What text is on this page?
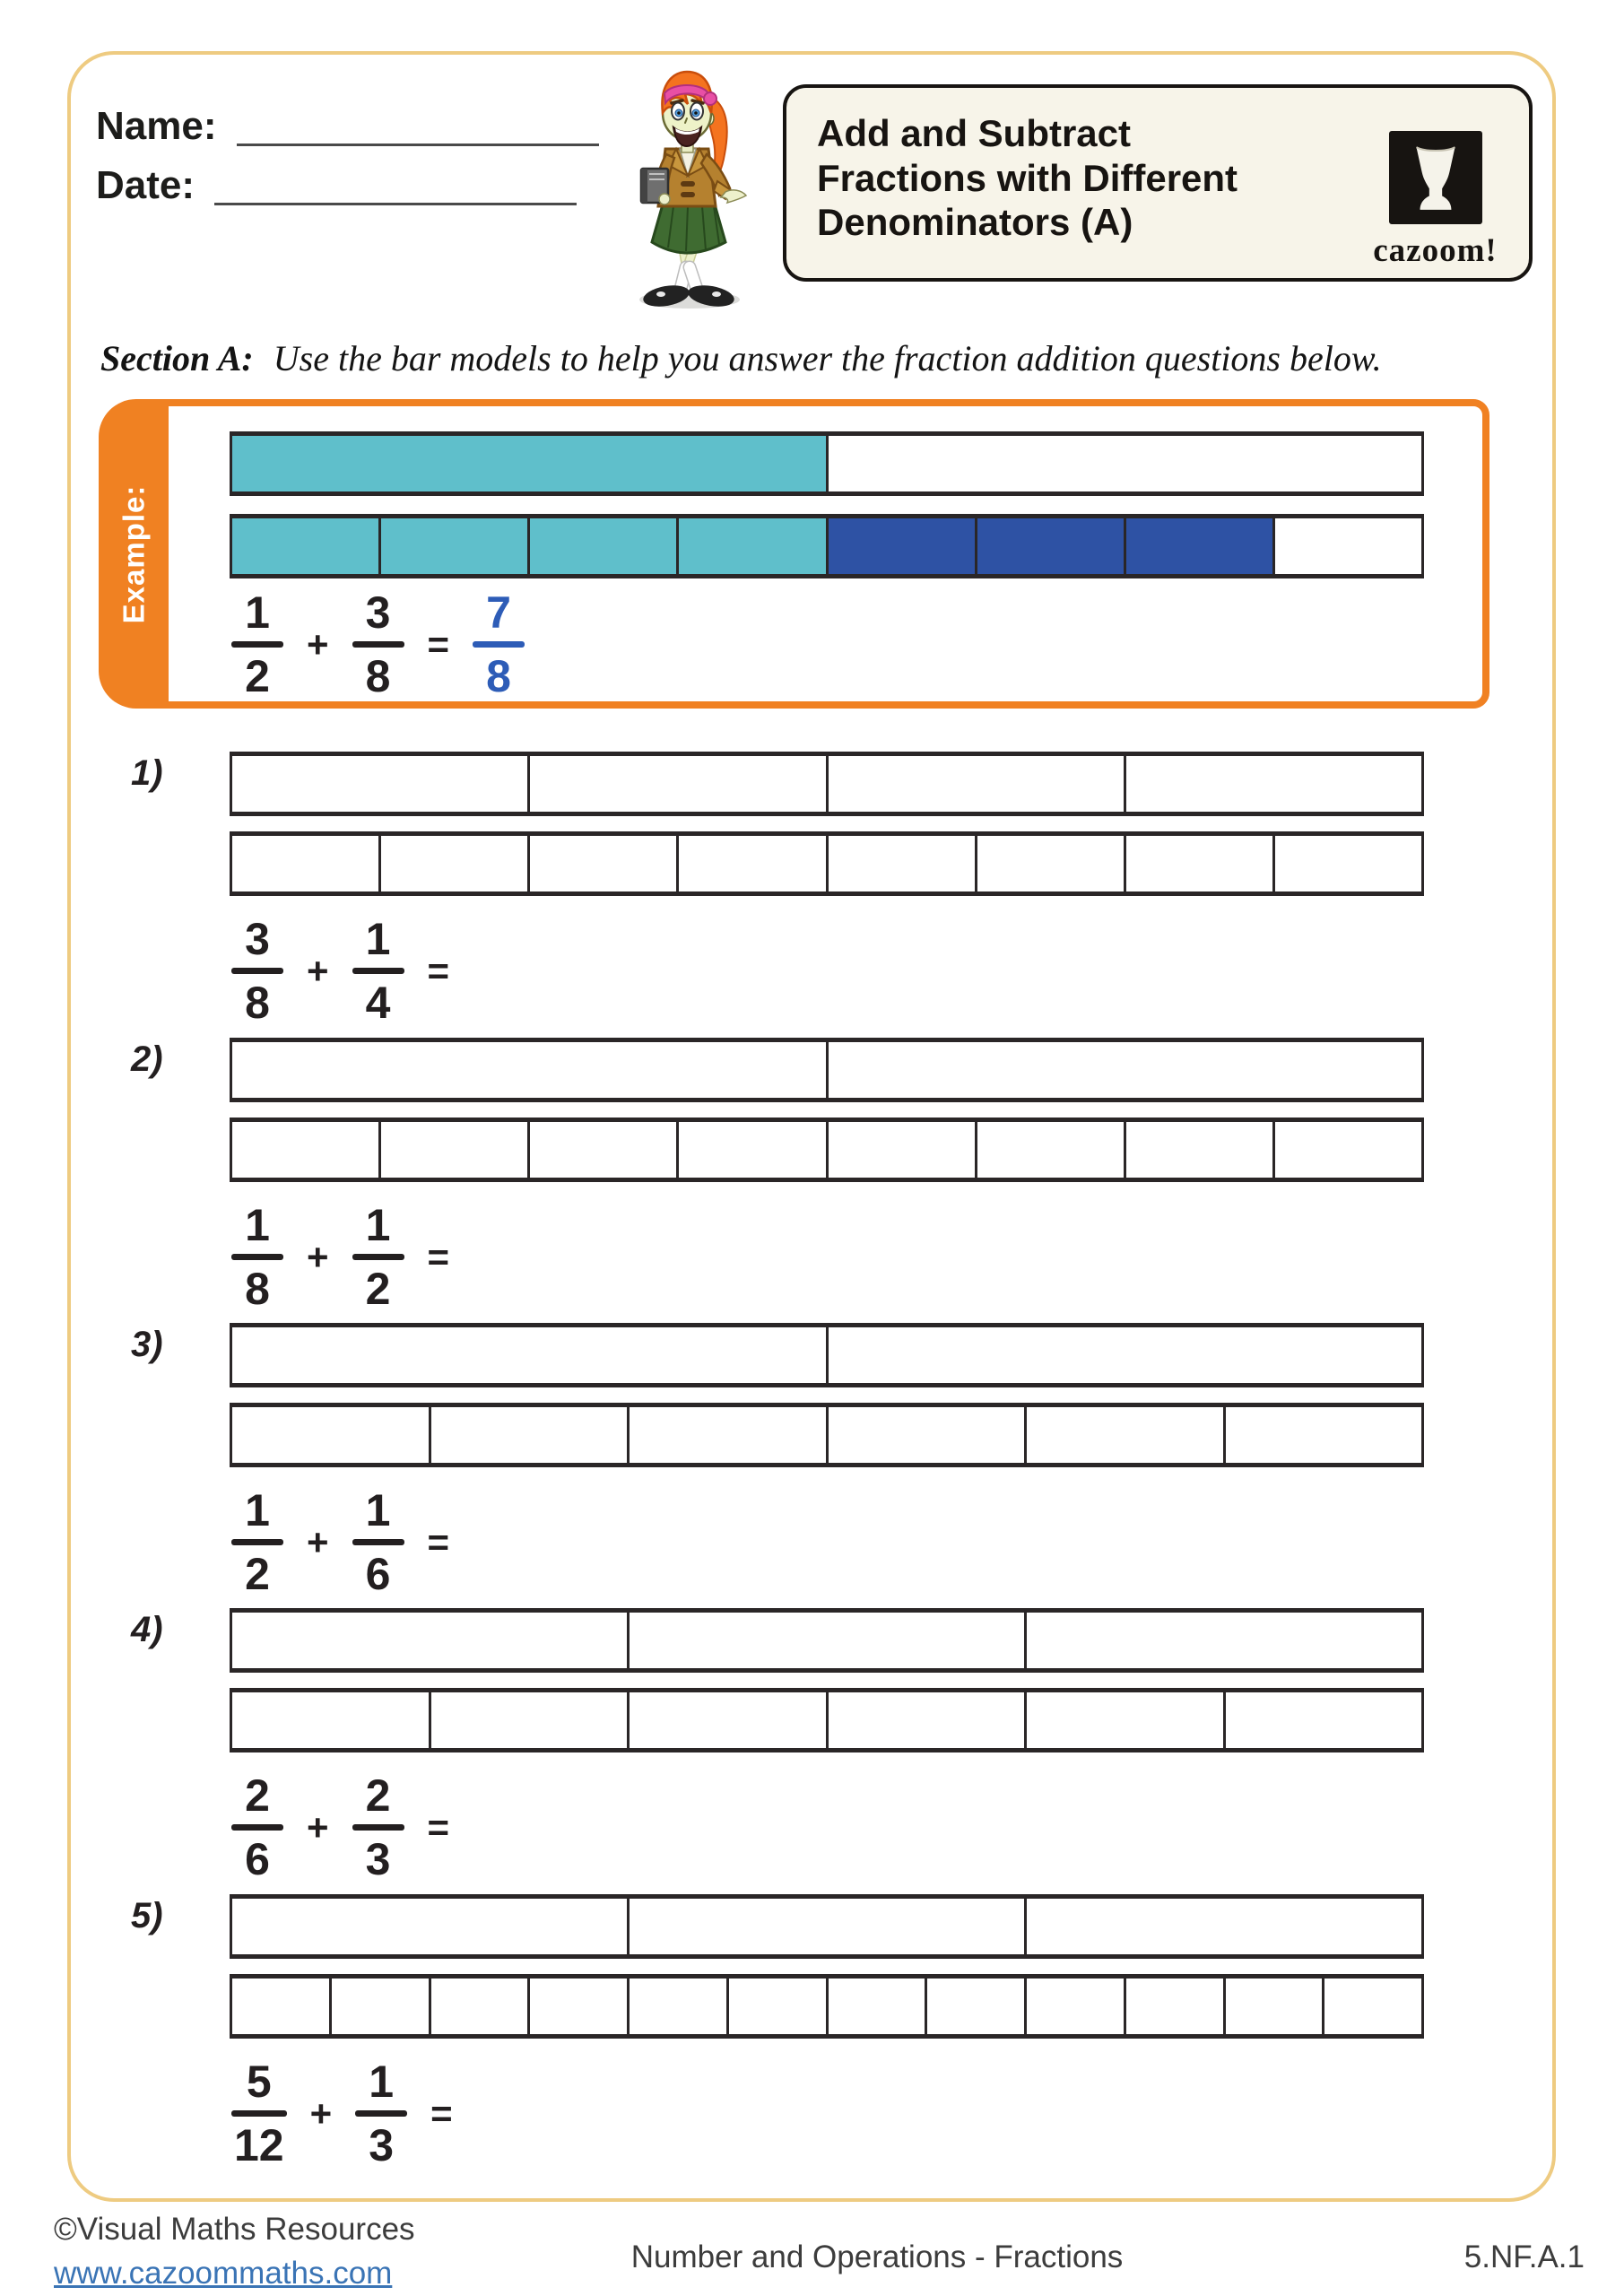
Name:
Date:
Add and Subtract
Fractions with Different
Denominators (A)
cazoom!
Section A: Use the bar models to help you answer the fraction addition questions below.
Example: 1
2
+
3
8
=
7
8
1)
3
8
+
1
4
=
2)
1
8
+
1
2
=
3)
1
2
+
1
6
=
4)
2
6
+
2
3
=
5)
5
12
+
1
3
=
©Visual Maths Resources
www.cazoommaths.com	Number and Operations - Fractions	5.NF.A.1
